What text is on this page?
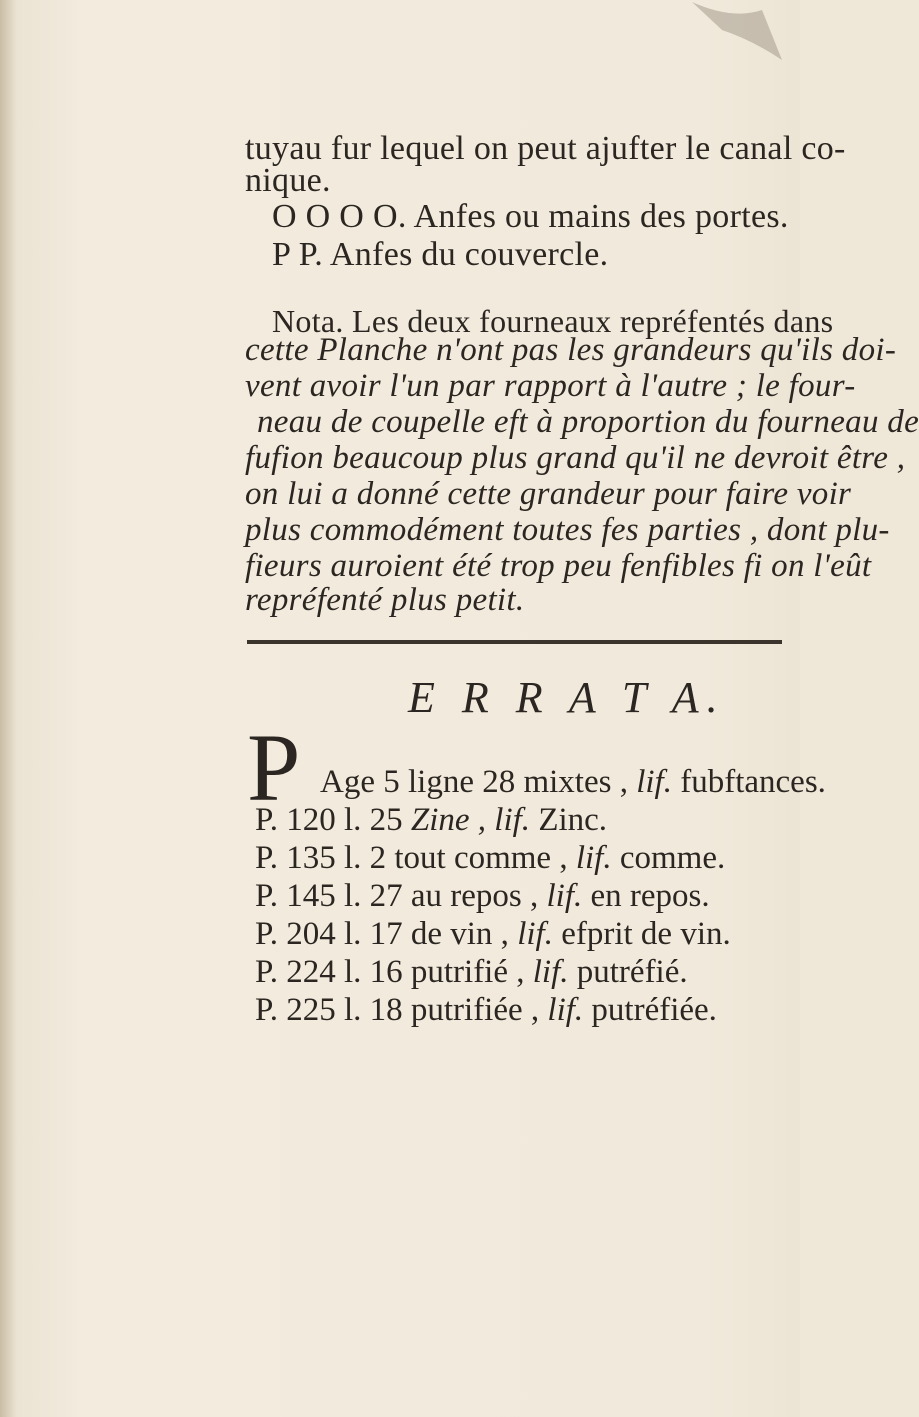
tuyau fur lequel on peut ajufter le canal co-
nique.
O O O O. Anfes ou mains des portes.
P P. Anfes du couvercle.
Nota. Les deux fourneaux repréfentés dans
cette Planche n'ont pas les grandeurs qu'ils doi-
vent avoir l'un par rapport à l'autre ; le four-
neau de coupelle eft à proportion du fourneau de
fufion beaucoup plus grand qu'il ne devroit être ,
on lui a donné cette grandeur pour faire voir
plus commodément toutes fes parties , dont plu-
E R R A T A.
P Age 5 ligne 28 mixtes , lif. fubftances.
P. 120 l. 25 Zine , lif. Zinc.
P. 135 l. 2 tout comme , lif. comme.
P. 145 l. 27 au repos , lif. en repos.
P. 204 l. 17 de vin , lif. efprit de vin.
P. 224 l. 16 putrifié , lif. putréfié.
P. 225 l. 18 putrifiée , lif. putréfiée.
fieurs auroient été trop peu fenfibles fi on l'eût
repréfenté plus petit.
